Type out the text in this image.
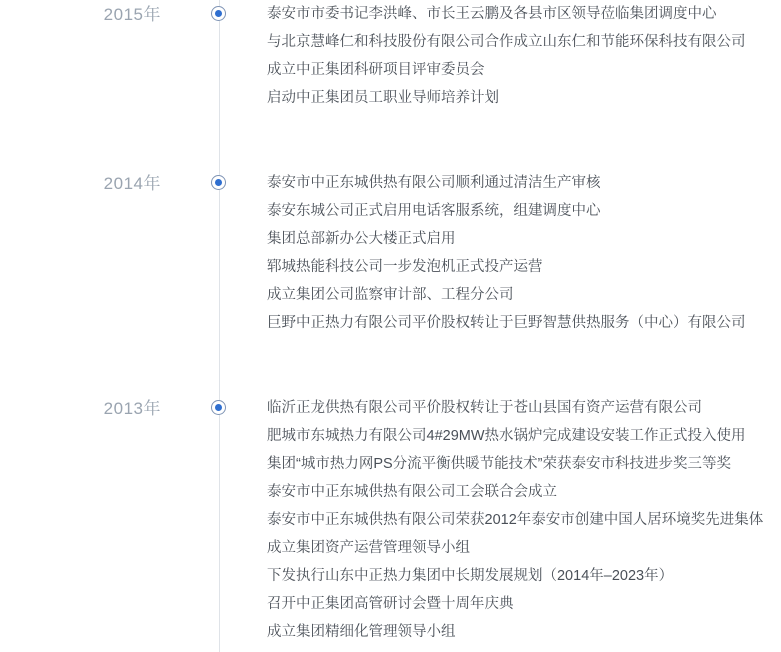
2015年	泰安市市委书记李洪峰、市长王云鹏及各县市区领导莅临集团调度中心
与北京慧峰仁和科技股份有限公司合作成立山东仁和节能环保科技有限公司
成立中正集团科研项目评审委员会
启动中正集团员工职业导师培养计划
2014年	泰安市中正东城供热有限公司顺利通过清洁生产审核
泰安东城公司正式启用电话客服系统，组建调度中心
集团总部新办公大楼正式启用
郓城热能科技公司一步发泡机正式投产运营
成立集团公司监察审计部、工程分公司
巨野中正热力有限公司平价股权转让于巨野智慧供热服务（中心）有限公司
2013年	临沂正龙供热有限公司平价股权转让于苍山县国有资产运营有限公司
肥城市东城热力有限公司4#29MW热水锅炉完成建设安装工作正式投入使用
集团“城市热力网PS分流平衡供暖节能技术”荣获泰安市科技进步奖三等奖
泰安市中正东城供热有限公司工会联合会成立
泰安市中正东城供热有限公司荣获2012年泰安市创建中国人居环境奖先进集体
成立集团资产运营管理领导小组
下发执行山东中正热力集团中长期发展规划（2014年–2023年）
召开中正集团高管研讨会暨十周年庆典
成立集团精细化管理领导小组
